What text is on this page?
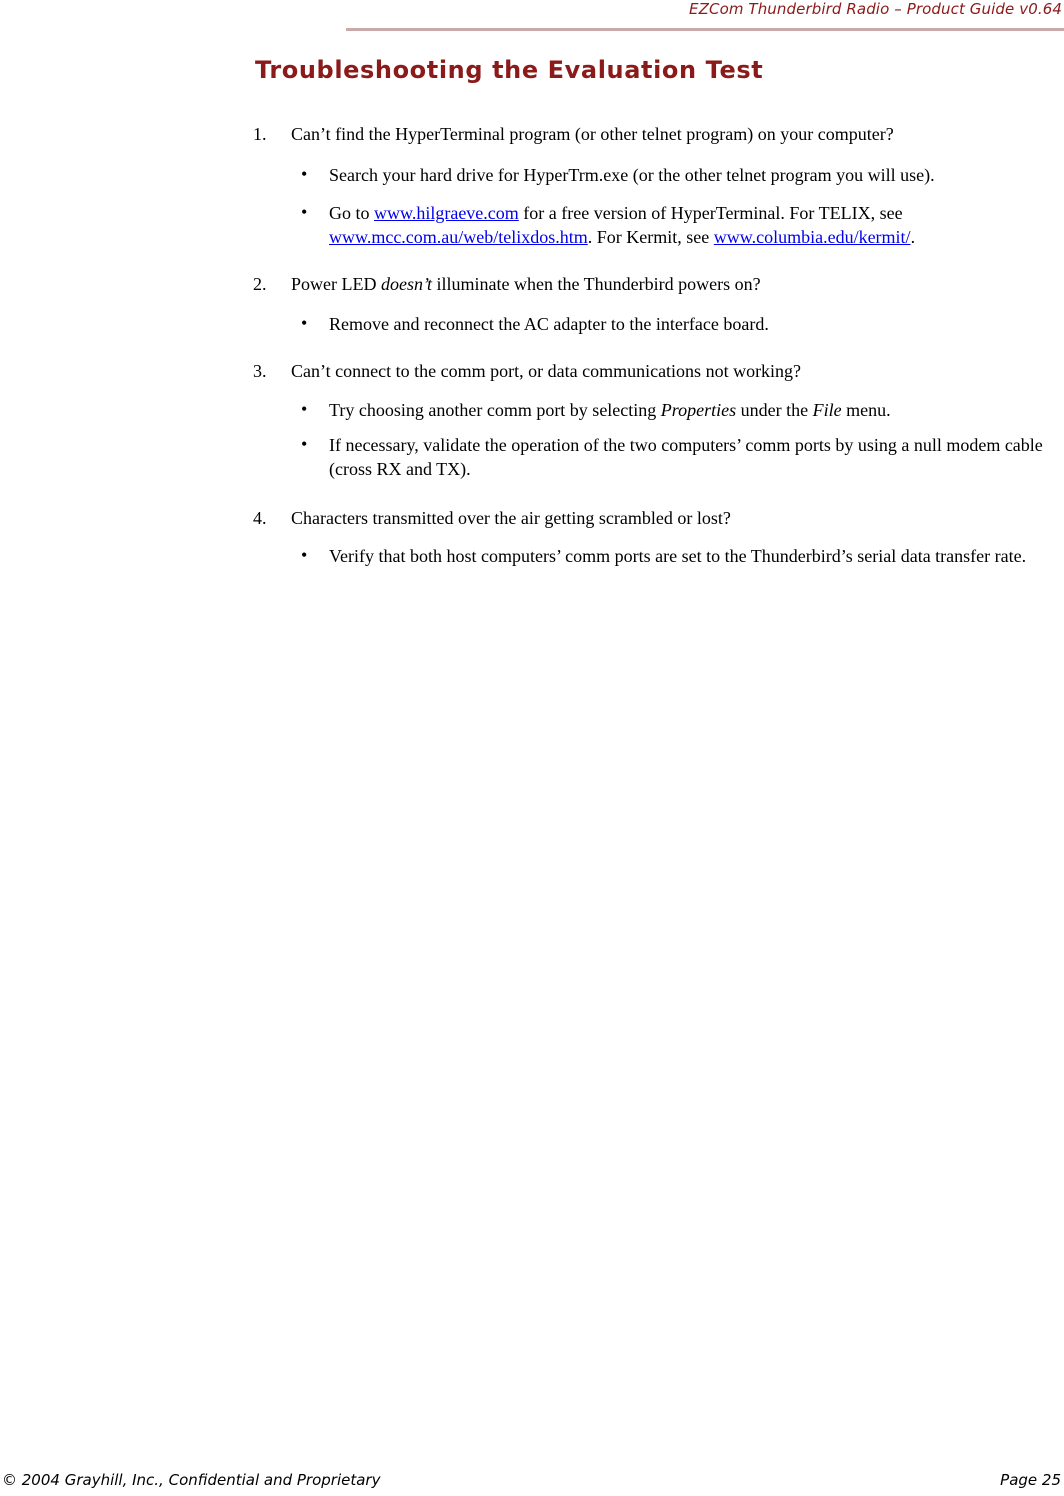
EZCom Thunderbird Radio – Product Guide v0.64
Troubleshooting the Evaluation Test
1. Can’t find the HyperTerminal program (or other telnet program) on your computer?
• Search your hard drive for HyperTrm.exe (or the other telnet program you will use).
• Go to www.hilgraeve.com for a free version of HyperTerminal. For TELIX, see www.mcc.com.au/web/telixdos.htm. For Kermit, see www.columbia.edu/kermit/.
2. Power LED doesn’t illuminate when the Thunderbird powers on?
• Remove and reconnect the AC adapter to the interface board.
3. Can’t connect to the comm port, or data communications not working?
• Try choosing another comm port by selecting Properties under the File menu.
• If necessary, validate the operation of the two computers’ comm ports by using a null modem cable (cross RX and TX).
4. Characters transmitted over the air getting scrambled or lost?
• Verify that both host computers’ comm ports are set to the Thunderbird’s serial data transfer rate.
© 2004 Grayhill, Inc., Confidential and Proprietary	Page 25
